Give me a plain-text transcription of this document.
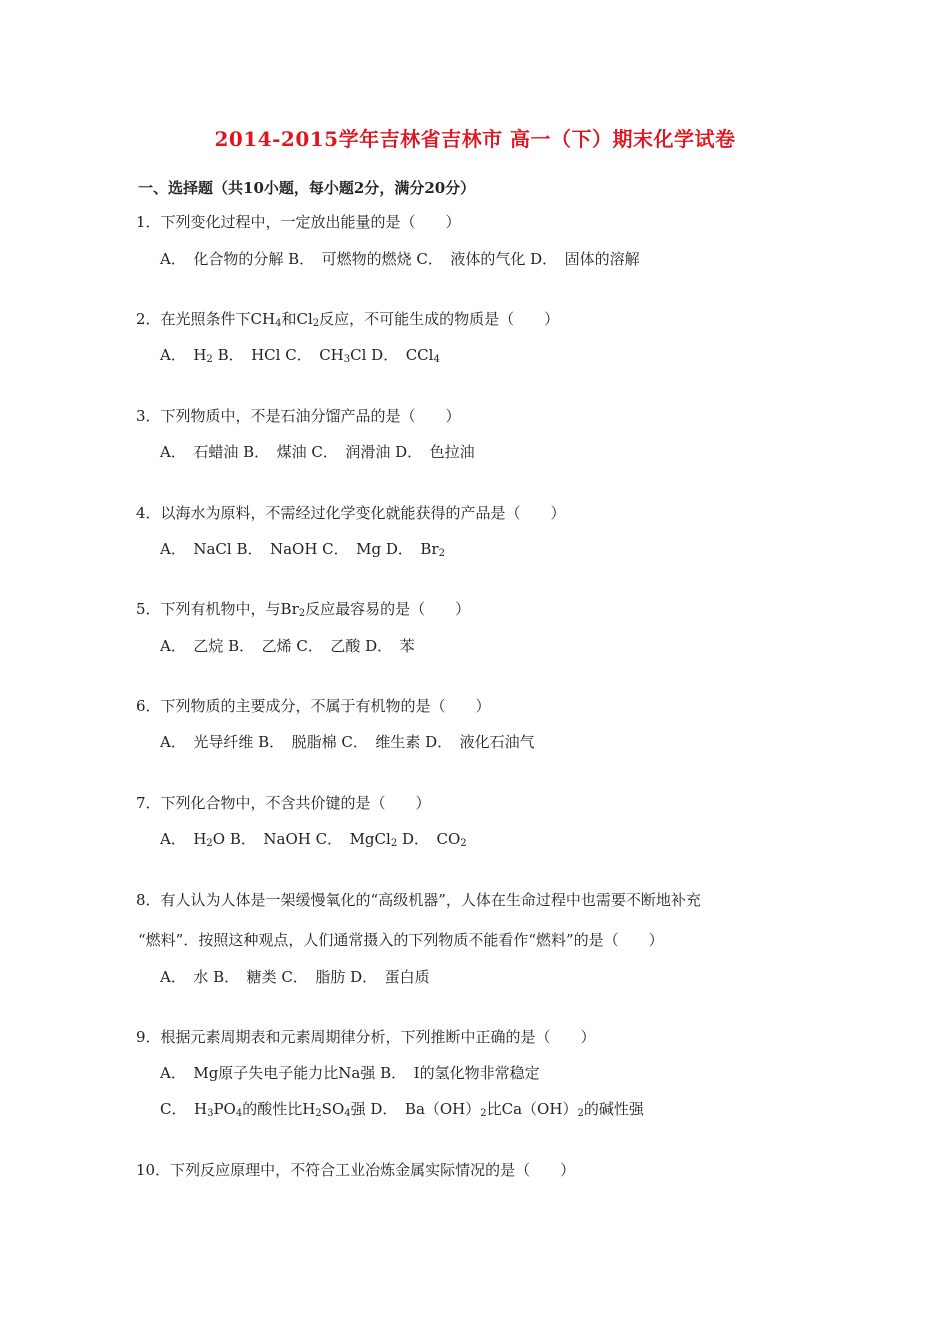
2014-2015学年吉林省吉林市 高一（下）期末化学试卷
一、选择题（共10小题，每小题2分，满分20分）
1．下列变化过程中，一定放出能量的是（　　）
A．　化合物的分解 B．　可燃物的燃烧 C．　液体的气化 D．　固体的溶解
2．在光照条件下$CH_4$和$Cl_2$反应，不可能生成的物质是（　　）
A．　$H_2$ B．　HCl C．　$CH_3Cl$ D．　CCl$_4$
3．下列物质中，不是石油分馏产品的是（　　）
A．　石蜡油 B．　煤油 C．　润滑油 D．　色拉油
4．以海水为原料，不需经过化学变化就能获得的产品是（　　）
A．　NaCl B．　NaOH C．　Mg D．　$Br_2$
5．下列有机物中，与$Br_2$反应最容易的是（　　）
A．　乙烷 B．　乙烯 C．　乙酸 D．　苯
6．下列物质的主要成分，不属于有机物的是（　　）
A．　光导纤维 B．　脱脂棉 C．　维生素 D．　液化石油气
7．下列化合物中，不含共价键的是（　　）
A．　$H_2O$ B．　NaOH C．　MgCl$_2$ D．　$CO_2$
8．有人认为人体是一架缓慢氧化的“高级机器”，人体在生命过程中也需要不断地补充
“燃料”．按照这种观点，人们通常摄入的下列物质不能看作“燃料”的是（　　）
A．　水 B．　糖类 C．　脂肪 D．　蛋白质
9．根据元素周期表和元素周期律分析，下列推断中正确的是（　　）
A．　Mg原子失电子能力比Na强 B．　I的氢化物非常稳定
C．　$H_3PO_4$的酸性比$H_2SO_4$强 D．　$Ba(OH)_2$比$Ca(OH)_2$的碱性强
10．下列反应原理中，不符合工业冶炼金属实际情况的是（　　）
